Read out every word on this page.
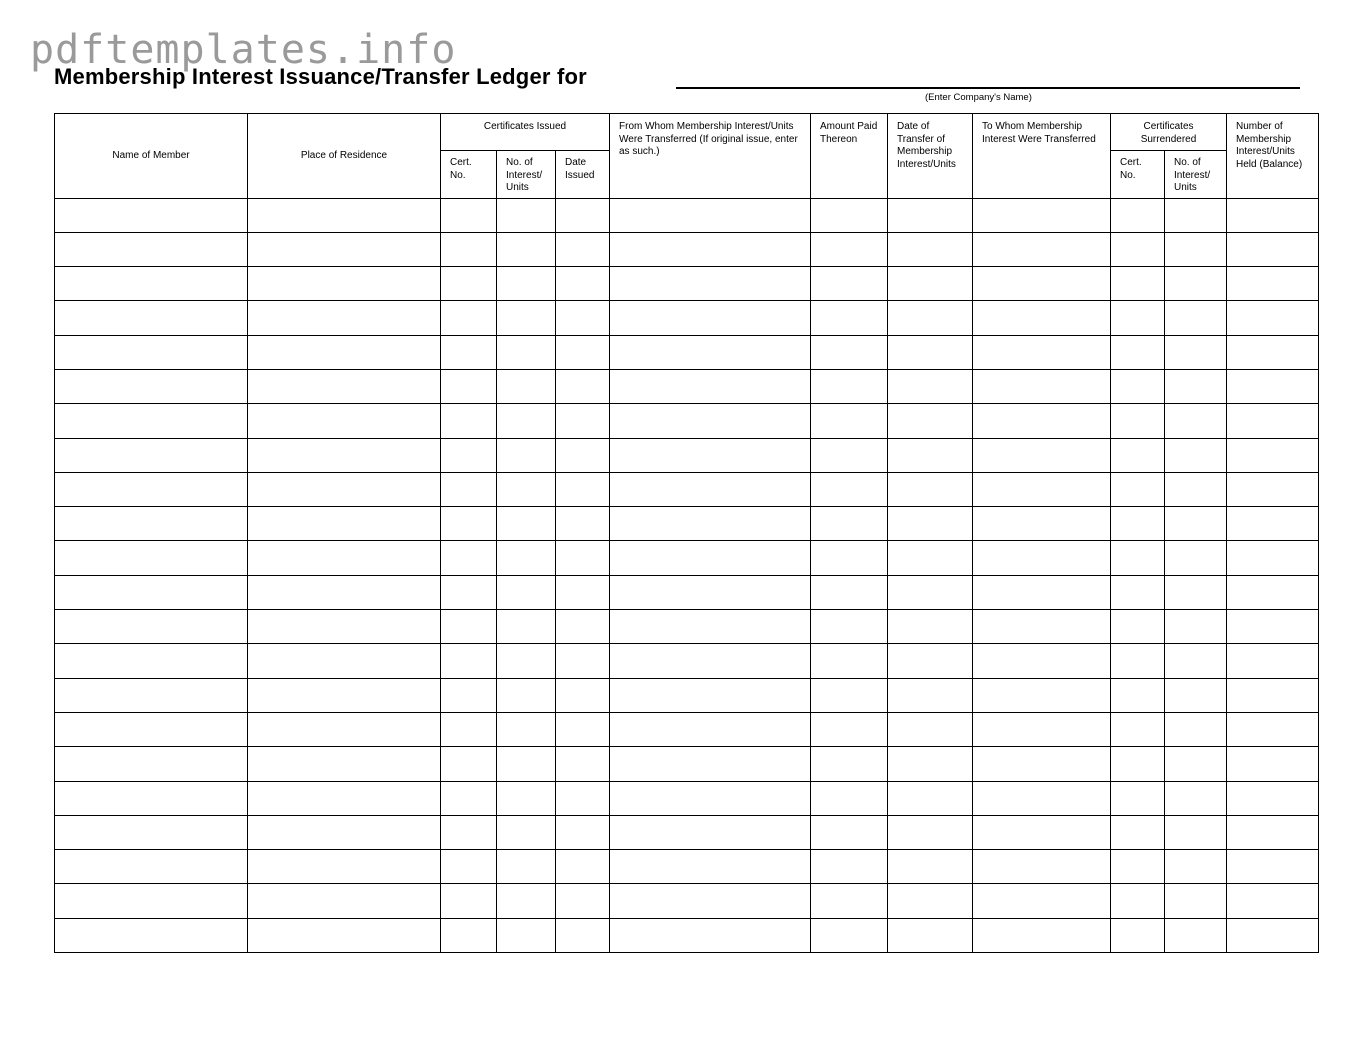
pdftemplates.info
Membership Interest Issuance/Transfer Ledger for
(Enter Company's Name)
Name of Member	Place of Residence	Certificates Issued			From Whom Membership Interest/Units Were Transferred (If original issue, enter as such.)	Amount Paid Thereon	Date of Transfer of Membership Interest/Units	To Whom Membership Interest Were Transferred	Certificates Surrendered		Number of Membership Interest/Units Held (Balance)
		Cert. No.	No. of Interest/ Units	Date Issued					Cert. No.	No. of Interest/ Units	
